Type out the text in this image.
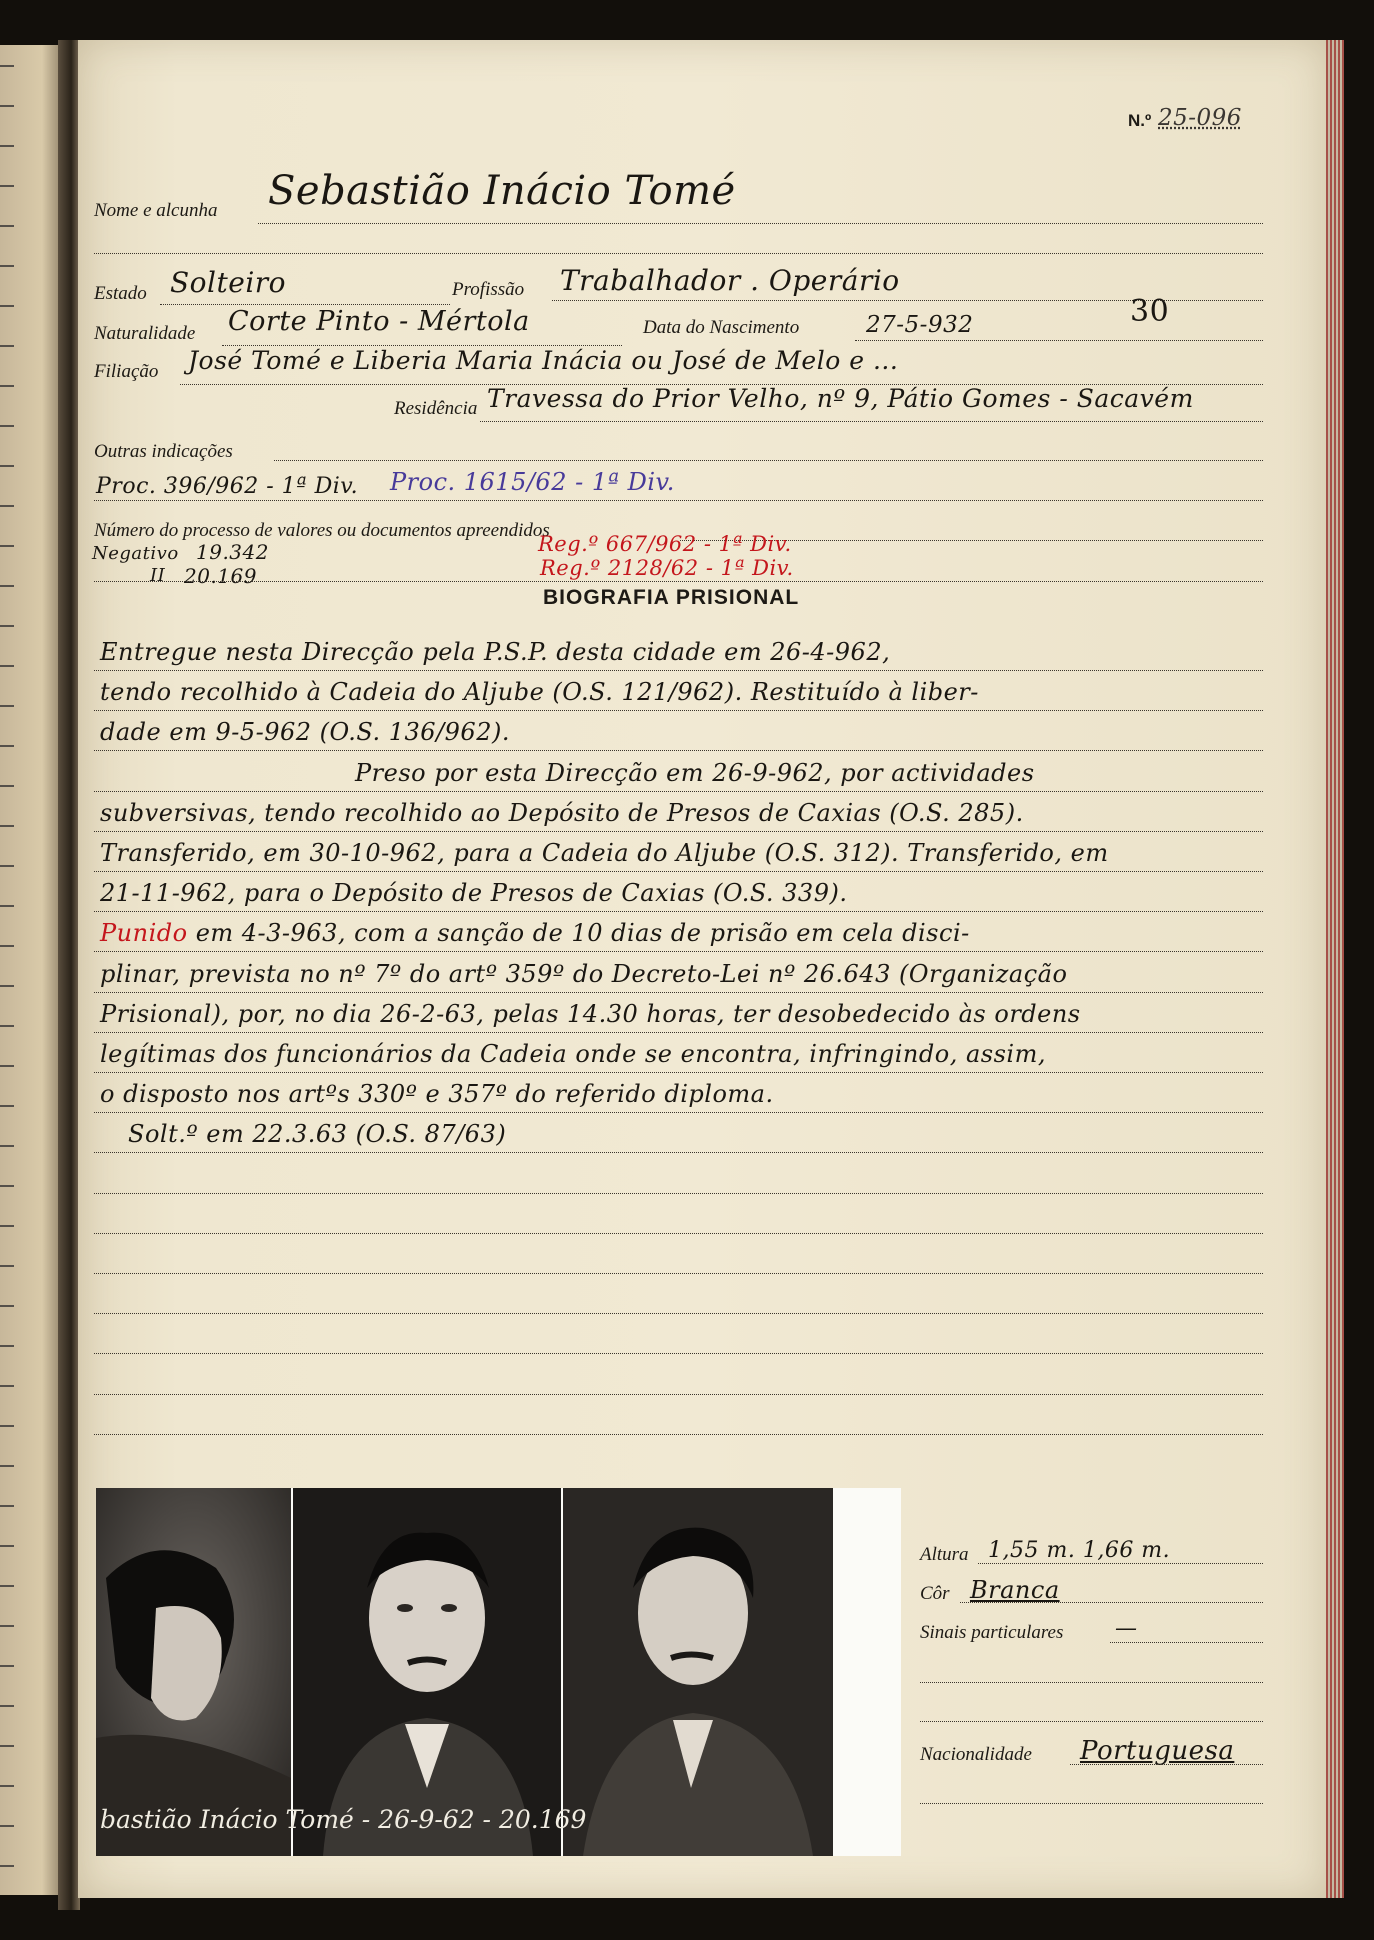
N.º 25-096
Nome e alcunha Sebastião Inácio Tomé
Estado Solteiro	Profissão Trabalhador . Operário
Naturalidade Corte Pinto - Mértola	Data do Nascimento	27-5-932	30
Filiação José Tomé e Liberia Maria Inácia ou José de Melo e ...
Residência Travessa do Prior Velho, nº 9, Pátio Gomes - Sacavém
Outras indicações
Proc. 396/962 - 1ª Div. Proc. 1615/62 - 1ª Div.
Número do processo de valores ou documentos apreendidos
Negativo 19.342
II 20.169
Reg.º 667/962 - 1ª Div.
Reg.º 2128/62 - 1ª Div.
BIOGRAFIA PRISIONAL
Entregue nesta Direcção pela P.S.P. desta cidade em 26-4-962,
tendo recolhido à Cadeia do Aljube (O.S. 121/962). Restituído à liber-
dade em 9-5-962 (O.S. 136/962).
Preso por esta Direcção em 26-9-962, por actividades
subversivas, tendo recolhido ao Depósito de Presos de Caxias (O.S. 285).
Transferido, em 30-10-962, para a Cadeia do Aljube (O.S. 312). Transferido, em
21-11-962, para o Depósito de Presos de Caxias (O.S. 339).
Punido em 4-3-963, com a sanção de 10 dias de prisão em cela disci-
plinar, prevista no nº 7º do artº 359º do Decreto-Lei nº 26.643 (Organização
Prisional), por, no dia 26-2-63, pelas 14.30 horas, ter desobedecido às ordens
legítimas dos funcionários da Cadeia onde se encontra, infringindo, assim,
o disposto nos artºs 330º e 357º do referido diploma.
Solt.º em 22.3.63 (O.S. 87/63)
bastião Inácio Tomé - 26-9-62 - 20.169
Altura 1,55 m. 1,66 m.
Côr Branca
Sinais particulares —
Nacionalidade Portuguesa
